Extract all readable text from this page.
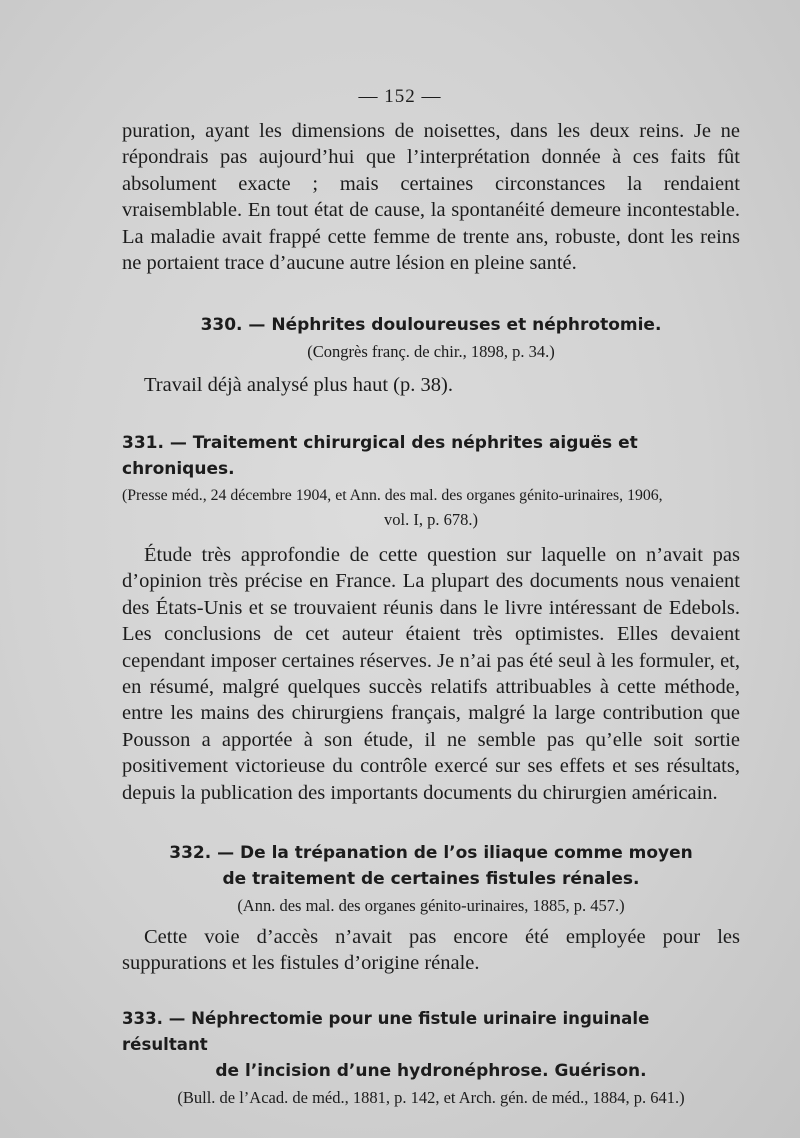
— 152 —

puration, ayant les dimensions de noisettes, dans les deux reins. Je ne répondrais pas aujourd’hui que l’interprétation donnée à ces faits fût absolument exacte ; mais certaines circonstances la rendaient vraisemblable. En tout état de cause, la spontanéité demeure incontestable. La maladie avait frappé cette femme de trente ans, robuste, dont les reins ne portaient trace d’aucune autre lésion en pleine santé.

330. — Néphrites douloureuses et néphrotomie.

(Congrès franç. de chir., 1898, p. 34.)

Travail déjà analysé plus haut (p. 38).

331. — Traitement chirurgical des néphrites aiguës et chroniques.

(Presse méd., 24 décembre 1904, et Ann. des mal. des organes génito-urinaires, 1906,

vol. I, p. 678.)

Étude très approfondie de cette question sur laquelle on n’avait pas d’opinion très précise en France. La plupart des documents nous venaient des États-Unis et se trouvaient réunis dans le livre intéressant de Edebols. Les conclusions de cet auteur étaient très optimistes. Elles devaient cependant imposer certaines réserves. Je n’ai pas été seul à les formuler, et, en résumé, malgré quelques succès relatifs attribuables à cette méthode, entre les mains des chirurgiens français, malgré la large contribution que Pousson a apportée à son étude, il ne semble pas qu’elle soit sortie positivement victorieuse du contrôle exercé sur ses effets et ses résultats, depuis la publication des importants documents du chirurgien américain.

332. — De la trépanation de l’os iliaque comme moyen

de traitement de certaines fistules rénales.

(Ann. des mal. des organes génito-urinaires, 1885, p. 457.)

Cette voie d’accès n’avait pas encore été employée pour les suppurations et les fistules d’origine rénale.

333. — Néphrectomie pour une fistule urinaire inguinale résultant

de l’incision d’une hydronéphrose. Guérison.

(Bull. de l’Acad. de méd., 1881, p. 142, et Arch. gén. de méd., 1884, p. 641.)
